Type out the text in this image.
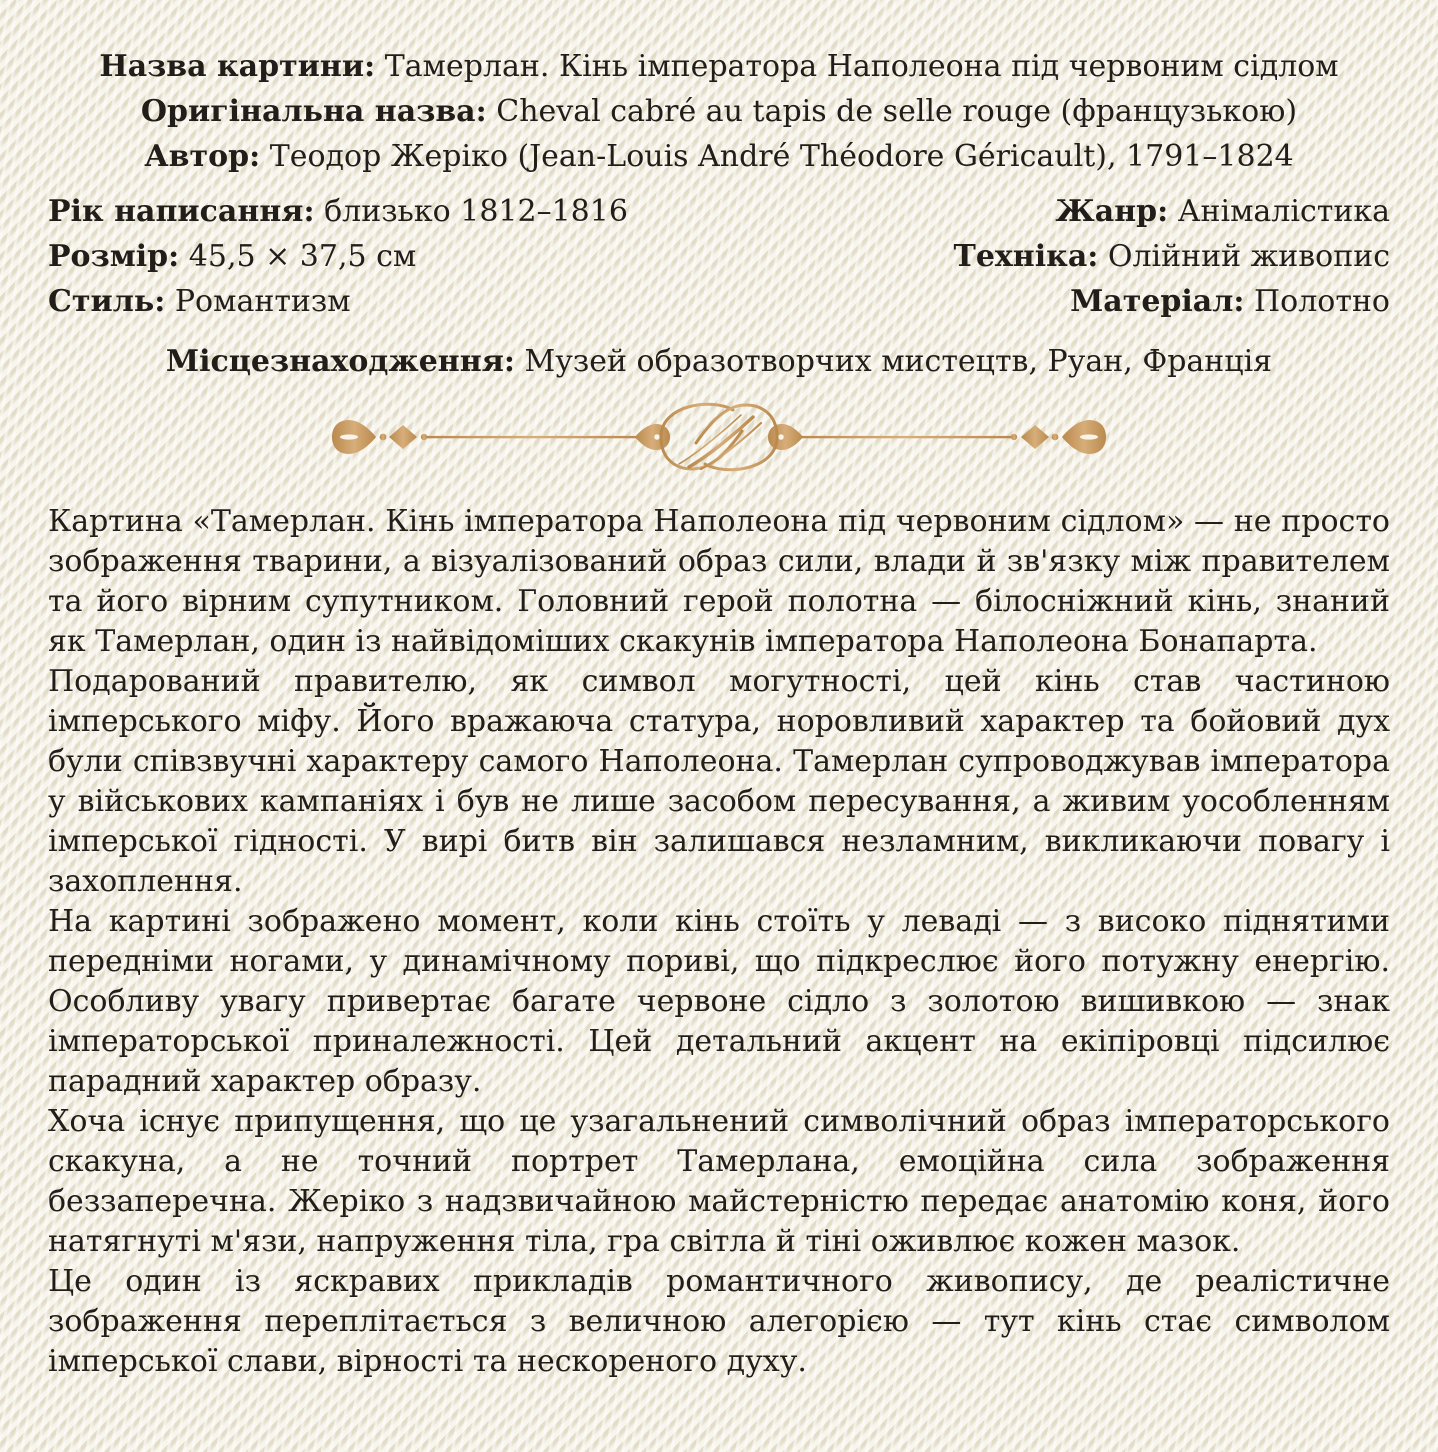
Назва картини: Тамерлан. Кінь імператора Наполеона під червоним сідлом
Оригінальна назва: Cheval cabré au tapis de selle rouge (французькою)
Автор: Теодор Жеріко (Jean-Louis André Théodore Géricault), 1791–1824
Рік написання: близько 1812–1816
Розмір: 45,5 × 37,5 см
Стиль: Романтизм
Жанр: Анімалістика
Техніка: Олійний живопис
Матеріал: Полотно
Місцезнаходження: Музей образотворчих мистецтв, Руан, Франція

Картина «Тамерлан. Кінь імператора Наполеона під червоним сідлом» — не просто зображення тварини, а візуалізований образ сили, влади й зв'язку між правителем та його вірним супутником. Головний герой полотна — білосніжний кінь, знаний як Тамерлан, один із найвідоміших скакунів імператора Наполеона Бонапарта.

Подарований правителю, як символ могутності, цей кінь став частиною імперського міфу. Його вражаюча статура, норовливий характер та бойовий дух були співзвучні характеру самого Наполеона. Тамерлан супроводжував імператора у військових кампаніях і був не лише засобом пересування, а живим уособленням імперської гідності. У вирі битв він залишався незламним, викликаючи повагу і захоплення.

На картині зображено момент, коли кінь стоїть у леваді — з високо піднятими передніми ногами, у динамічному пориві, що підкреслює його потужну енергію. Особливу увагу привертає багате червоне сідло з золотою вишивкою — знак імператорської приналежності. Цей детальний акцент на екіпіровці підсилює парадний характер образу.

Хоча існує припущення, що це узагальнений символічний образ імператорського скакуна, а не точний портрет Тамерлана, емоційна сила зображення беззаперечна. Жеріко з надзвичайною майстерністю передає анатомію коня, його натягнуті м'язи, напруження тіла, гра світла й тіні оживлює кожен мазок.

Це один із яскравих прикладів романтичного живопису, де реалістичне зображення переплітається з величною алегорією — тут кінь стає символом імперської слави, вірності та нескореного духу.
